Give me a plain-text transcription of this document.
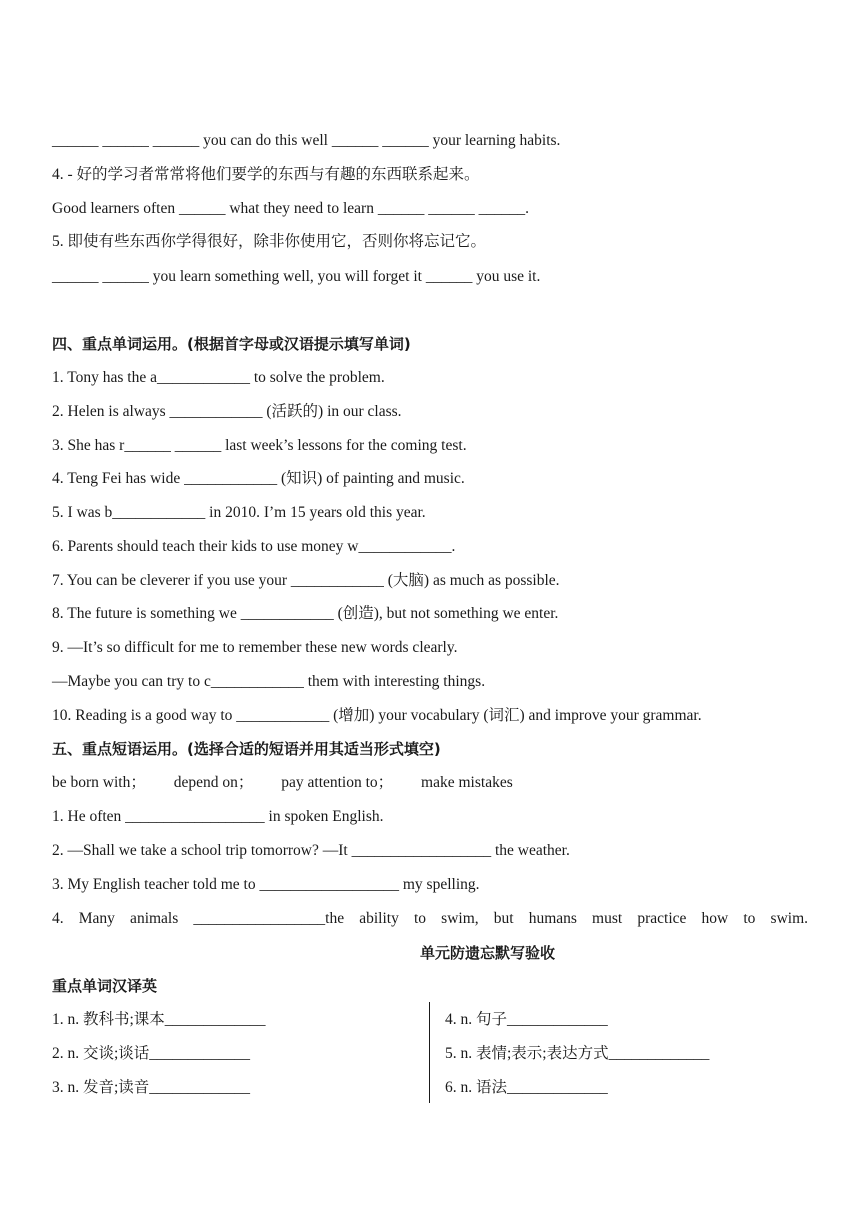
______ ______ ______ you can do this well ______ ______ your learning habits.
4. - 好的学习者常常将他们要学的东西与有趣的东西联系起来。
Good learners often ______ what they need to learn ______ ______ ______.
5. 即使有些东西你学得很好，除非你使用它，否则你将忘记它。
______ ______ you learn something well, you will forget it ______ you use it.
四、重点单词运用。(根据首字母或汉语提示填写单词)
1. Tony has the a____________ to solve the problem.
2. Helen is always ____________ (活跃的) in our class.
3. She has r______ ______ last week’s lessons for the coming test.
4. Teng Fei has wide ____________ (知识) of painting and music.
5. I was b____________ in 2010. I’m 15 years old this year.
6. Parents should teach their kids to use money w____________.
7. You can be cleverer if you use your ____________ (大脑) as much as possible.
8. The future is something we ____________ (创造), but not something we enter.
9. —It’s so difficult for me to remember these new words clearly.
—Maybe you can try to c____________ them with interesting things.
10. Reading is a good way to ____________ (增加) your vocabulary (词汇) and improve your grammar.
五、重点短语运用。(选择合适的短语并用其适当形式填空)
be born with； depend on； pay attention to； make mistakes
1. He often __________________ in spoken English.
2. —Shall we take a school trip tomorrow? —It __________________ the weather.
3. My English teacher told me to __________________ my spelling.
4. Many animals _________________the ability to swim, but humans must practice how to swim.
单元防遗忘默写验收
重点单词汉译英
1. n. 教科书;课本_____________
2. n. 交谈;谈话_____________
3. n. 发音;读音_____________
4. n. 句子_____________
5. n. 表情;表示;表达方式_____________
6. n. 语法_____________
